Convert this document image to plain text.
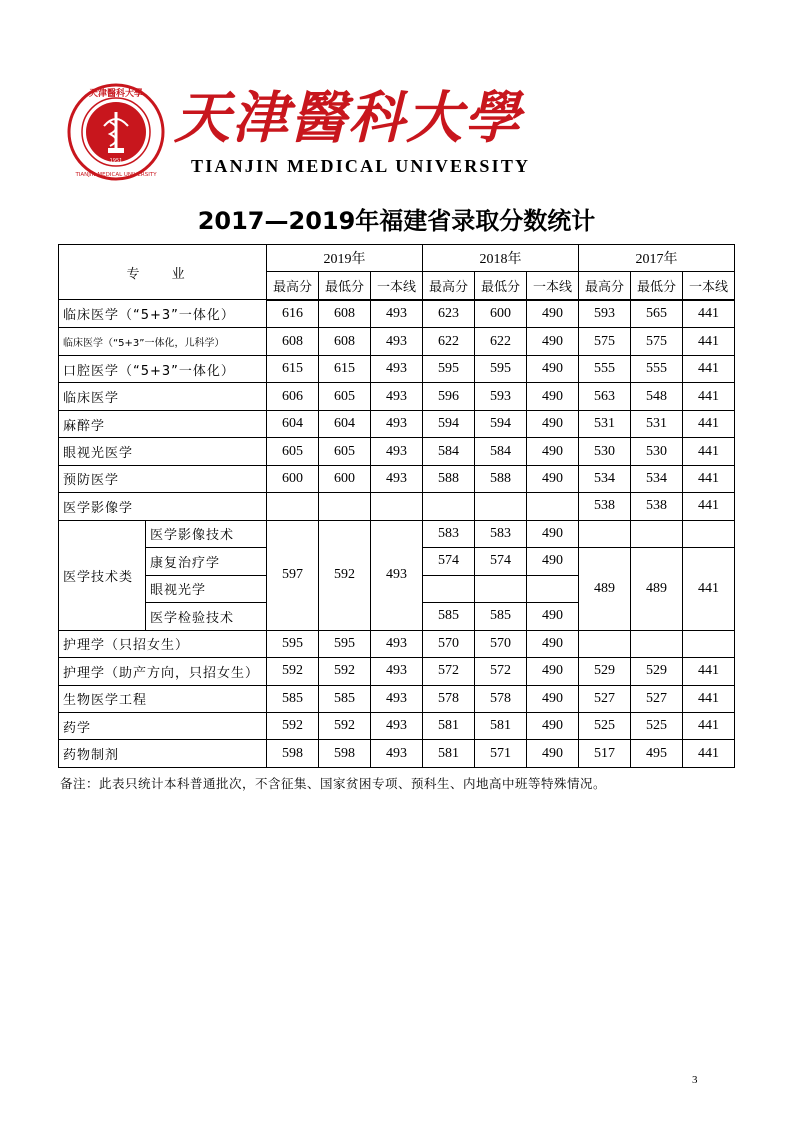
天津醫科大學
TIANJIN MEDICAL UNIVERSITY
1951
天津醫科大學
TIANJIN MEDICAL UNIVERSITY
2017—2019年福建省录取分数统计
专 业		2019年			2018年			2017年		
		最高分	最低分	一本线	最高分	最低分	一本线	最高分	最低分	一本线
临床医学（“5+3”一体化）		616	608	493	623	600	490	593	565	441
临床医学（“5+3”一体化，儿科学）		608	608	493	622	622	490	575	575	441
口腔医学（“5+3”一体化）		615	615	493	595	595	490	555	555	441
临床医学		606	605	493	596	593	490	563	548	441
麻醉学		604	604	493	594	594	490	531	531	441
眼视光医学		605	605	493	584	584	490	530	530	441
预防医学		600	600	493	588	588	490	534	534	441
医学影像学								538	538	441
医学技术类	医学影像技术	597	592	493	583	583	490			
	康复治疗学				574	574	490	489	489	441
	眼视光学									
	医学检验技术				585	585	490			
护理学（只招女生）		595	595	493	570	570	490			
护理学（助产方向，只招女生）		592	592	493	572	572	490	529	529	441
生物医学工程		585	585	493	578	578	490	527	527	441
药学		592	592	493	581	581	490	525	525	441
药物制剂		598	598	493	581	571	490	517	495	441
备注：此表只统计本科普通批次，不含征集、国家贫困专项、预科生、内地高中班等特殊情况。
3
